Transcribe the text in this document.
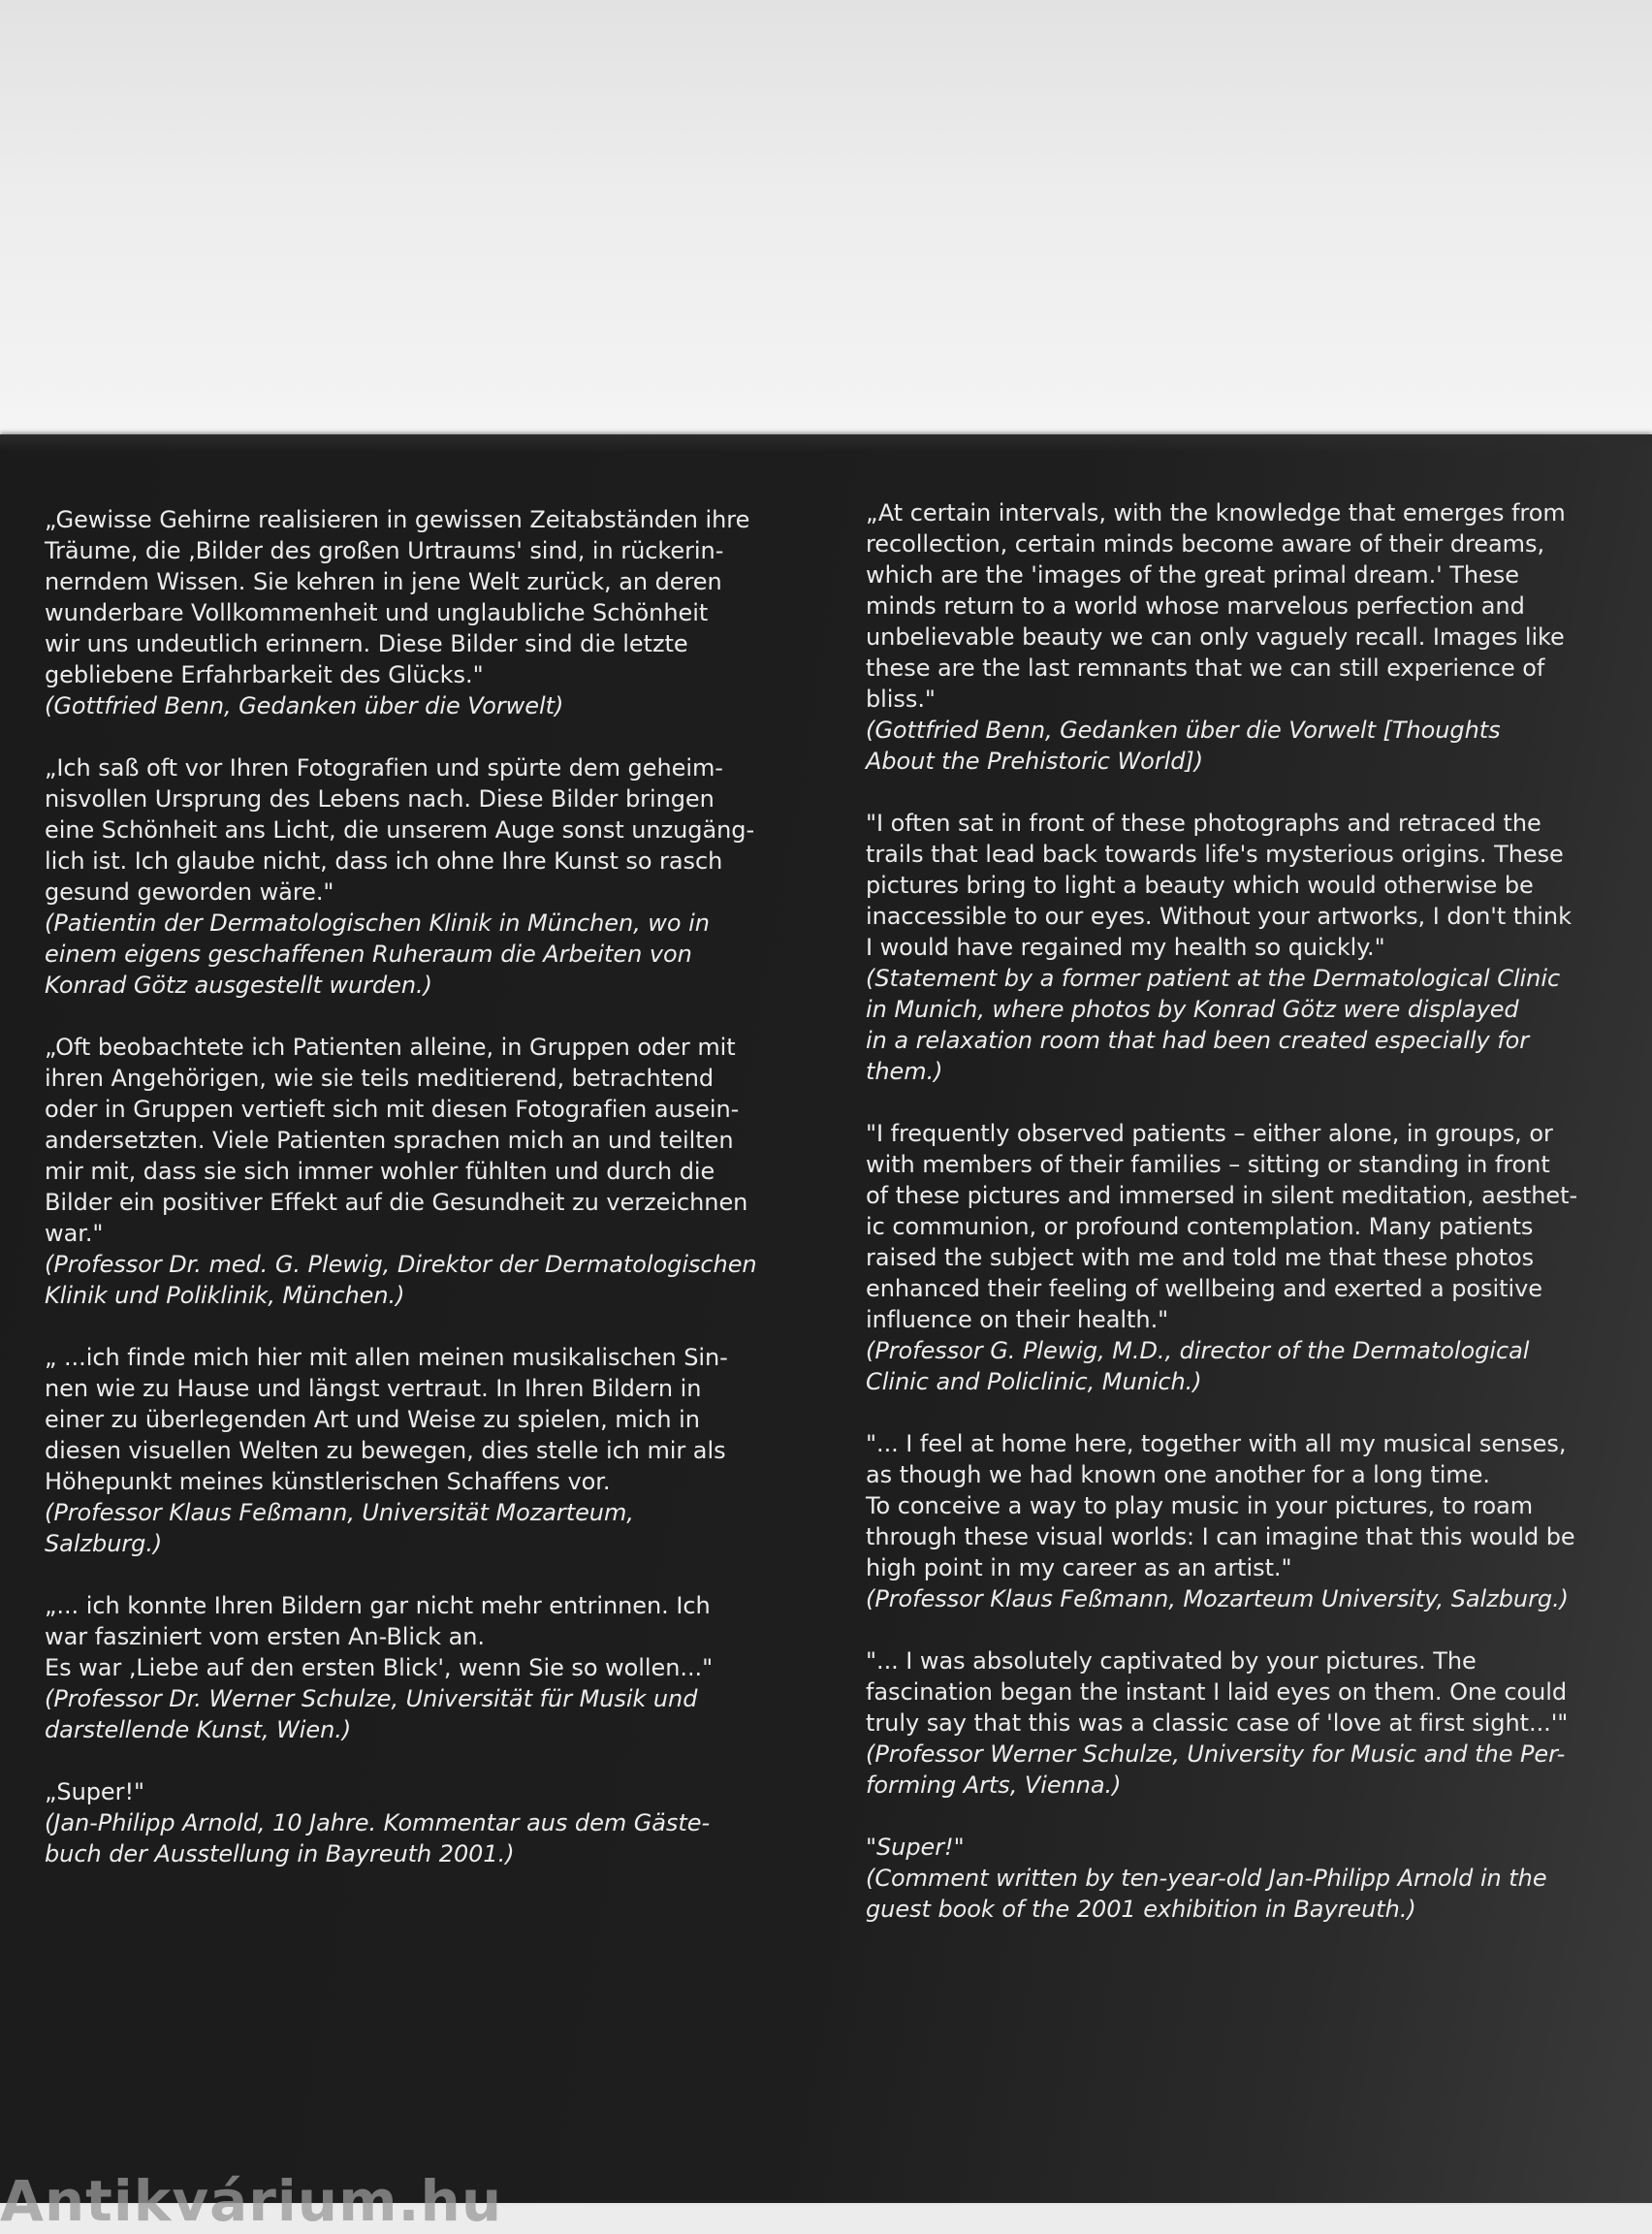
„Gewisse Gehirne realisieren in gewissen Zeitabständen ihre
Träume, die ‚Bilder des großen Urtraums' sind, in rückerin-
nerndem Wissen. Sie kehren in jene Welt zurück, an deren
wunderbare Vollkommenheit und unglaubliche Schönheit
wir uns undeutlich erinnern. Diese Bilder sind die letzte
gebliebene Erfahrbarkeit des Glücks."
(Gottfried Benn, Gedanken über die Vorwelt)
„Ich saß oft vor Ihren Fotografien und spürte dem geheim-
nisvollen Ursprung des Lebens nach. Diese Bilder bringen
eine Schönheit ans Licht, die unserem Auge sonst unzugäng-
lich ist. Ich glaube nicht, dass ich ohne Ihre Kunst so rasch
gesund geworden wäre."
(Patientin der Dermatologischen Klinik in München, wo in
einem eigens geschaffenen Ruheraum die Arbeiten von
Konrad Götz ausgestellt wurden.)
„Oft beobachtete ich Patienten alleine, in Gruppen oder mit
ihren Angehörigen, wie sie teils meditierend, betrachtend
oder in Gruppen vertieft sich mit diesen Fotografien ausein-
andersetzten. Viele Patienten sprachen mich an und teilten
mir mit, dass sie sich immer wohler fühlten und durch die
Bilder ein positiver Effekt auf die Gesundheit zu verzeichnen
war."
(Professor Dr. med. G. Plewig, Direktor der Dermatologischen
Klinik und Poliklinik, München.)
„ ...ich finde mich hier mit allen meinen musikalischen Sin-
nen wie zu Hause und längst vertraut. In Ihren Bildern in
einer zu überlegenden Art und Weise zu spielen, mich in
diesen visuellen Welten zu bewegen, dies stelle ich mir als
Höhepunkt meines künstlerischen Schaffens vor.
(Professor Klaus Feßmann, Universität Mozarteum,
Salzburg.)
„... ich konnte Ihren Bildern gar nicht mehr entrinnen. Ich
war fasziniert vom ersten An-Blick an.
Es war ‚Liebe auf den ersten Blick', wenn Sie so wollen..."
(Professor Dr. Werner Schulze, Universität für Musik und
darstellende Kunst, Wien.)
„Super!"
(Jan-Philipp Arnold, 10 Jahre. Kommentar aus dem Gäste-
buch der Ausstellung in Bayreuth 2001.)
„At certain intervals, with the knowledge that emerges from
recollection, certain minds become aware of their dreams,
which are the 'images of the great primal dream.' These
minds return to a world whose marvelous perfection and
unbelievable beauty we can only vaguely recall. Images like
these are the last remnants that we can still experience of
bliss."
(Gottfried Benn, Gedanken über die Vorwelt [Thoughts
About the Prehistoric World])
"I often sat in front of these photographs and retraced the
trails that lead back towards life's mysterious origins. These
pictures bring to light a beauty which would otherwise be
inaccessible to our eyes. Without your artworks, I don't think
I would have regained my health so quickly."
(Statement by a former patient at the Dermatological Clinic
in Munich, where photos by Konrad Götz were displayed
in a relaxation room that had been created especially for
them.)
"I frequently observed patients – either alone, in groups, or
with members of their families – sitting or standing in front
of these pictures and immersed in silent meditation, aesthet-
ic communion, or profound contemplation. Many patients
raised the subject with me and told me that these photos
enhanced their feeling of wellbeing and exerted a positive
influence on their health."
(Professor G. Plewig, M.D., director of the Dermatological
Clinic and Policlinic, Munich.)
"... I feel at home here, together with all my musical senses,
as though we had known one another for a long time.
To conceive a way to play music in your pictures, to roam
through these visual worlds: I can imagine that this would be
high point in my career as an artist."
(Professor Klaus Feßmann, Mozarteum University, Salzburg.)
"... I was absolutely captivated by your pictures. The
fascination began the instant I laid eyes on them. One could
truly say that this was a classic case of 'love at first sight...'"
(Professor Werner Schulze, University for Music and the Per-
forming Arts, Vienna.)
"Super!"
(Comment written by ten-year-old Jan-Philipp Arnold in the
guest book of the 2001 exhibition in Bayreuth.)
Antikvárium.hu
